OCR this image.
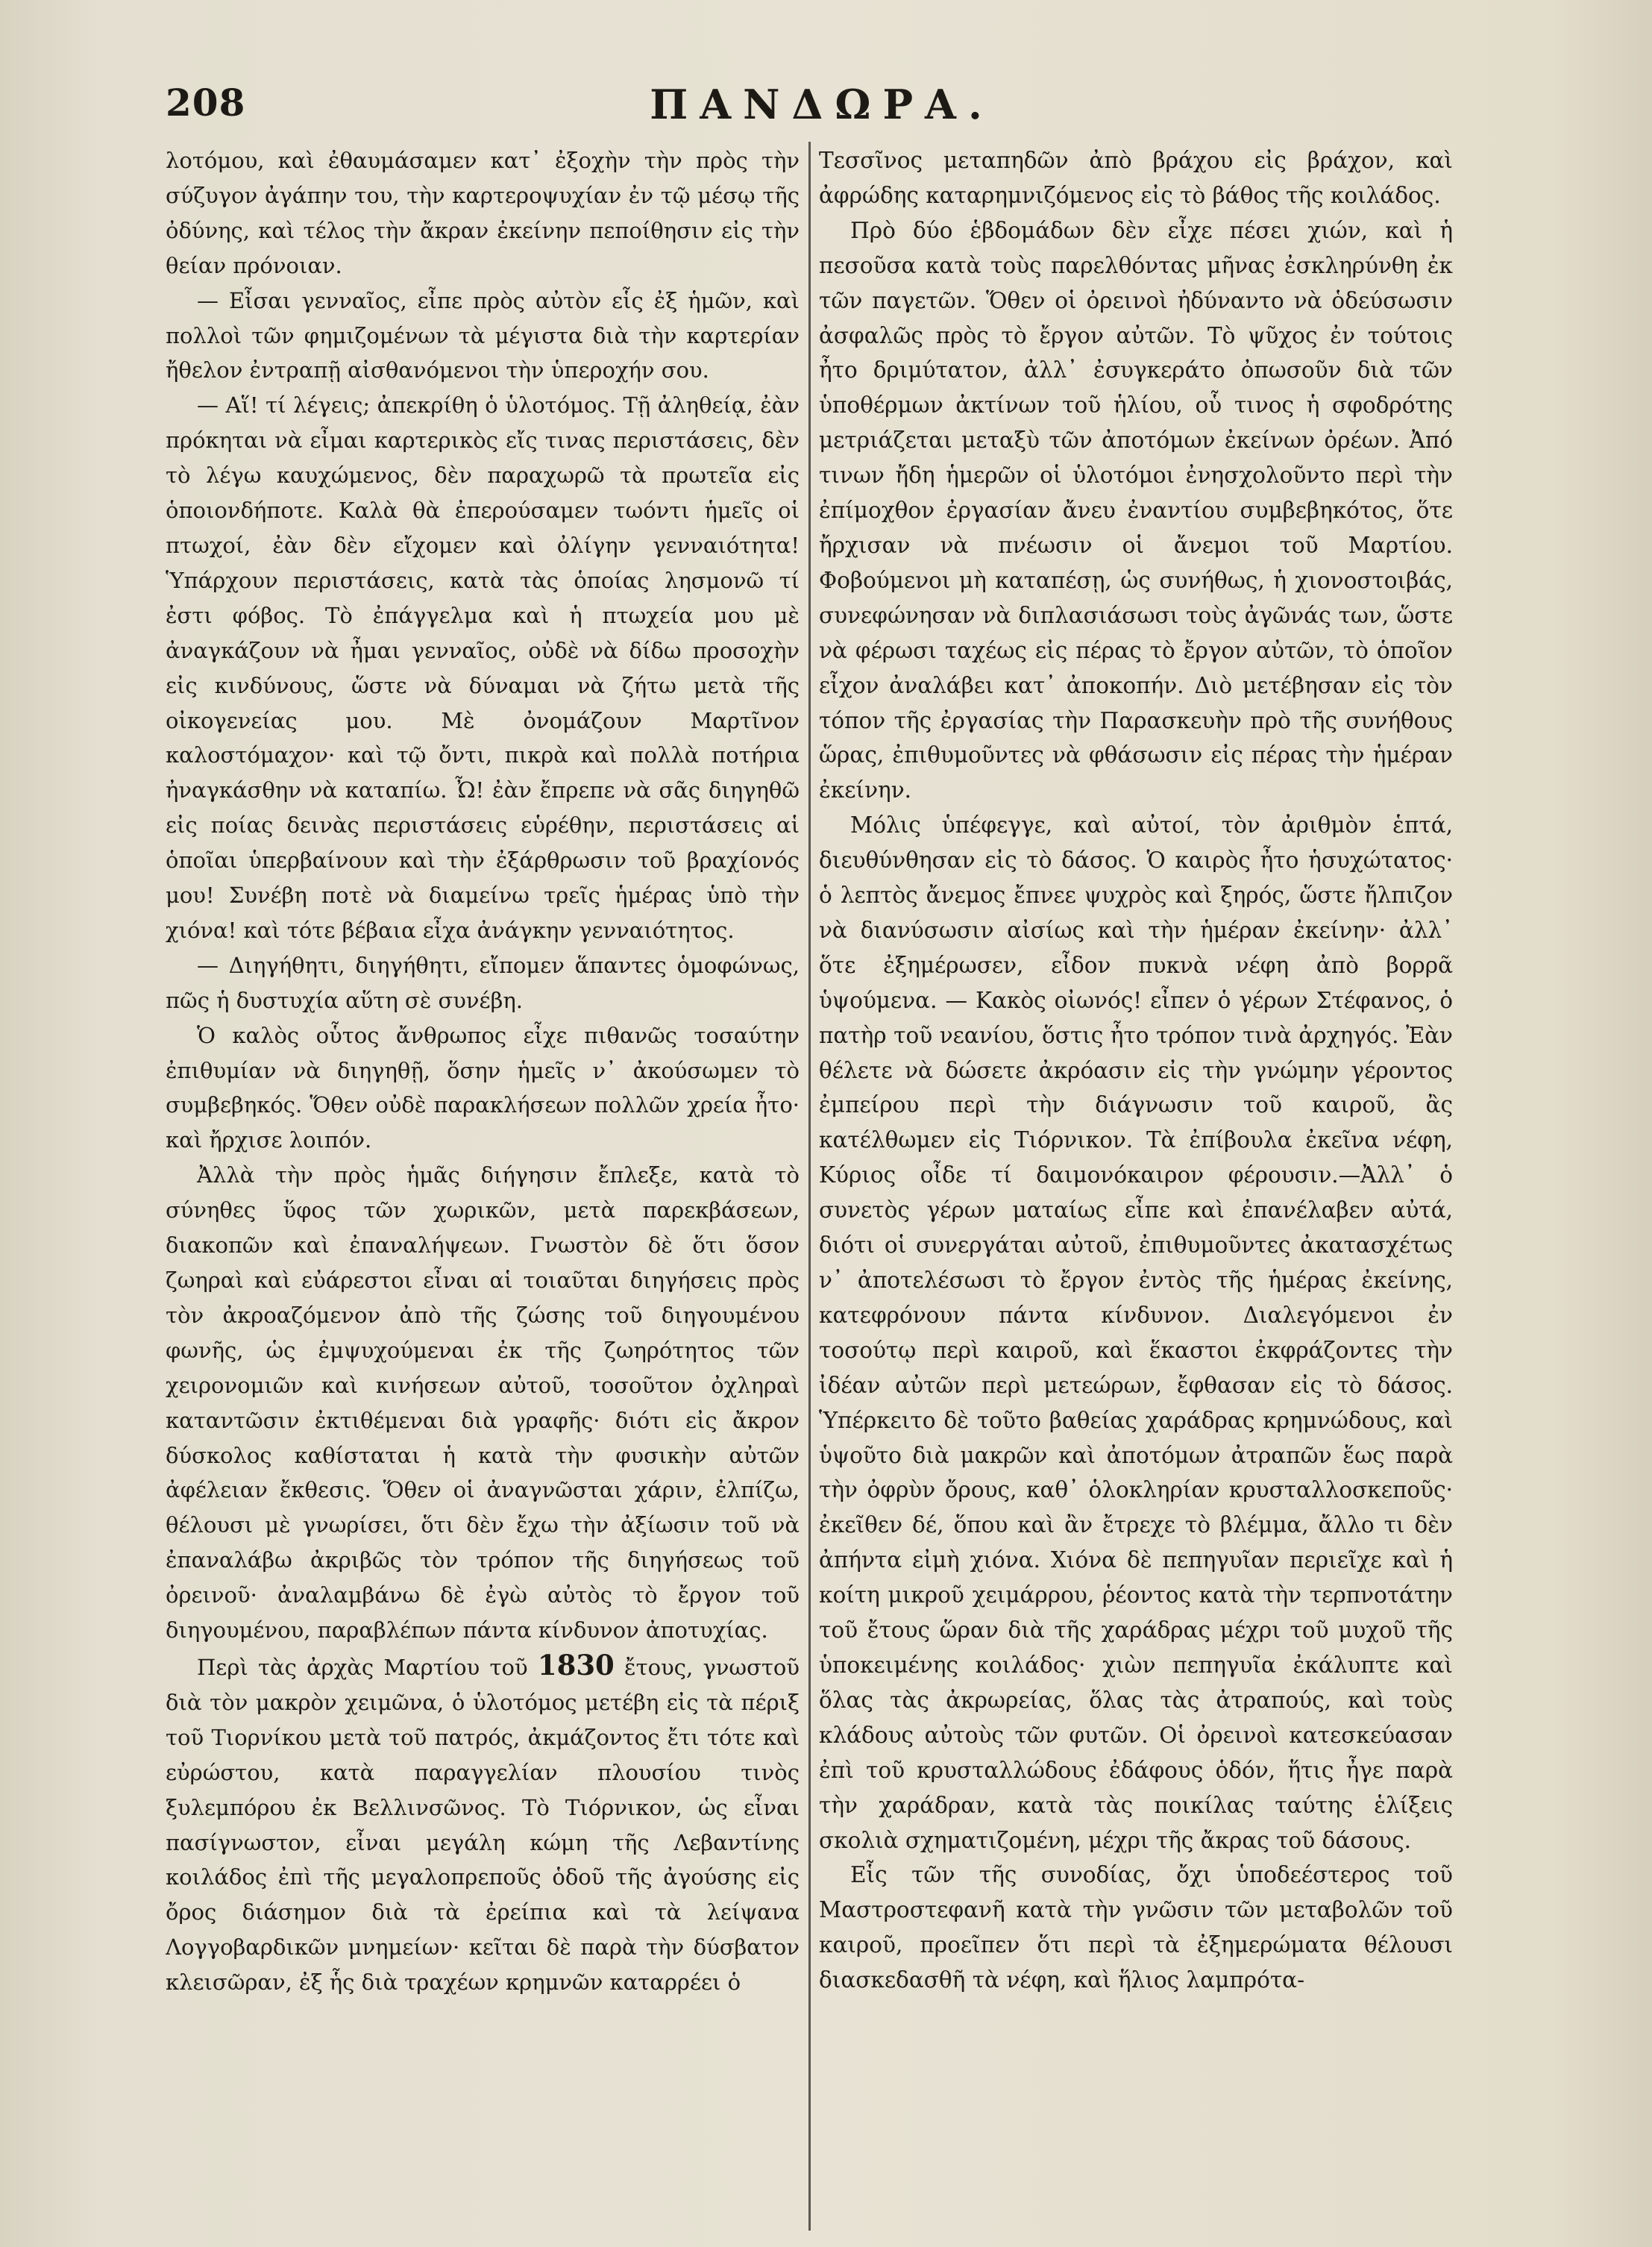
208	ΠΑΝΔΩΡΑ.

λοτόμου, καὶ ἐθαυμάσαμεν κατ᾿ ἐξοχὴν τὴν πρὸς τὴν σύζυγον ἀγάπην του, τὴν καρτεροψυχίαν ἐν τῷ μέσῳ τῆς ὀδύνης, καὶ τέλος τὴν ἄκραν ἐκείνην πεποίθησιν εἰς τὴν θείαν πρόνοιαν.

— Εἶσαι γενναῖος, εἶπε πρὸς αὐτὸν εἷς ἐξ ἡμῶν, καὶ πολλοὶ τῶν φημιζομένων τὰ μέγιστα διὰ τὴν καρτερίαν ἤθελον ἐντραπῇ αἰσθανόμενοι τὴν ὑπεροχήν σου.

— Αἵ! τί λέγεις; ἀπεκρίθη ὁ ὑλοτόμος. Τῇ ἀληθείᾳ, ἐὰν πρόκηται νὰ εἶμαι καρτερικὸς εἴς τινας περιστάσεις, δὲν τὸ λέγω καυχώμενος, δὲν παραχωρῶ τὰ πρωτεῖα εἰς ὁποιονδήποτε. Καλὰ θὰ ἐπερούσαμεν τωόντι ἡμεῖς οἱ πτωχοί, ἐὰν δὲν εἴχομεν καὶ ὀλίγην γενναιότητα! Ὑπάρχουν περιστάσεις, κατὰ τὰς ὁποίας λησμονῶ τί ἐστι φόβος. Τὸ ἐπάγγελμα καὶ ἡ πτωχεία μου μὲ ἀναγκάζουν νὰ ἦμαι γενναῖος, οὐδὲ νὰ δίδω προσοχὴν εἰς κινδύνους, ὥστε νὰ δύναμαι νὰ ζήτω μετὰ τῆς οἰκογενείας μου. Μὲ ὀνομάζουν Μαρτῖνον καλοστόμαχον· καὶ τῷ ὄντι, πικρὰ καὶ πολλὰ ποτήρια ἠναγκάσθην νὰ καταπίω. Ὦ! ἐὰν ἔπρεπε νὰ σᾶς διηγηθῶ εἰς ποίας δεινὰς περιστάσεις εὑρέθην, περιστάσεις αἱ ὁποῖαι ὑπερβαίνουν καὶ τὴν ἐξάρθρωσιν τοῦ βραχίονός μου! Συνέβη ποτὲ νὰ διαμείνω τρεῖς ἡμέρας ὑπὸ τὴν χιόνα! καὶ τότε βέβαια εἶχα ἀνάγκην γενναιότητος.

— Διηγήθητι, διηγήθητι, εἴπομεν ἅπαντες ὁμοφώνως, πῶς ἡ δυστυχία αὕτη σὲ συνέβη.

Ὁ καλὸς οὗτος ἄνθρωπος εἶχε πιθανῶς τοσαύτην ἐπιθυμίαν νὰ διηγηθῇ, ὅσην ἡμεῖς ν᾿ ἀκούσωμεν τὸ συμβεβηκός. Ὅθεν οὐδὲ παρακλήσεων πολλῶν χρεία ἦτο· καὶ ἤρχισε λοιπόν.

Ἀλλὰ τὴν πρὸς ἡμᾶς διήγησιν ἔπλεξε, κατὰ τὸ σύνηθες ὕφος τῶν χωρικῶν, μετὰ παρεκβάσεων, διακοπῶν καὶ ἐπαναλήψεων. Γνωστὸν δὲ ὅτι ὅσον ζωηραὶ καὶ εὐάρεστοι εἶναι αἱ τοιαῦται διηγήσεις πρὸς τὸν ἀκροαζόμενον ἀπὸ τῆς ζώσης τοῦ διηγουμένου φωνῆς, ὡς ἐμψυχούμεναι ἐκ τῆς ζωηρότητος τῶν χειρονομιῶν καὶ κινήσεων αὐτοῦ, τοσοῦτον ὀχληραὶ καταντῶσιν ἐκτιθέμεναι διὰ γραφῆς· διότι εἰς ἄκρον δύσκολος καθίσταται ἡ κατὰ τὴν φυσικὴν αὐτῶν ἀφέλειαν ἔκθεσις. Ὅθεν οἱ ἀναγνῶσται χάριν, ἐλπίζω, θέλουσι μὲ γνωρίσει, ὅτι δὲν ἔχω τὴν ἀξίωσιν τοῦ νὰ ἐπαναλάβω ἀκριβῶς τὸν τρόπον τῆς διηγήσεως τοῦ ὀρεινοῦ· ἀναλαμβάνω δὲ ἐγὼ αὐτὸς τὸ ἔργον τοῦ διηγουμένου, παραβλέπων πάντα κίνδυνον ἀποτυχίας.

Περὶ τὰς ἀρχὰς Μαρτίου τοῦ 1830 ἔτους, γνωστοῦ διὰ τὸν μακρὸν χειμῶνα, ὁ ὑλοτόμος μετέβη εἰς τὰ πέριξ τοῦ Τιορνίκου μετὰ τοῦ πατρός, ἀκμάζοντος ἔτι τότε καὶ εὐρώστου, κατὰ παραγγελίαν πλουσίου τινὸς ξυλεμπόρου ἐκ Βελλινσῶνος. Τὸ Τιόρνικον, ὡς εἶναι πασίγνωστον, εἶναι μεγάλη κώμη τῆς Λεβαντίνης κοιλάδος ἐπὶ τῆς μεγαλοπρεποῦς ὁδοῦ τῆς ἀγούσης εἰς ὄρος διάσημον διὰ τὰ ἐρείπια καὶ τὰ λείψανα Λογγοβαρδικῶν μνημείων· κεῖται δὲ παρὰ τὴν δύσβατον κλεισῶραν, ἐξ ἧς διὰ τραχέων κρημνῶν καταρρέει ὁ

Τεσσῖνος μεταπηδῶν ἀπὸ βράχου εἰς βράχον, καὶ ἀφρώδης καταρημνιζόμενος εἰς τὸ βάθος τῆς κοιλάδος.

Πρὸ δύο ἑβδομάδων δὲν εἶχε πέσει χιών, καὶ ἡ πεσοῦσα κατὰ τοὺς παρελθόντας μῆνας ἐσκληρύνθη ἐκ τῶν παγετῶν. Ὅθεν οἱ ὀρεινοὶ ἠδύναντο νὰ ὁδεύσωσιν ἀσφαλῶς πρὸς τὸ ἔργον αὐτῶν. Τὸ ψῦχος ἐν τούτοις ἦτο δριμύτατον, ἀλλ᾿ ἐσυγκεράτο ὀπωσοῦν διὰ τῶν ὑποθέρμων ἀκτίνων τοῦ ἡλίου, οὗ τινος ἡ σφοδρότης μετριάζεται μεταξὺ τῶν ἀποτόμων ἐκείνων ὀρέων. Ἀπό τινων ἤδη ἡμερῶν οἱ ὑλοτόμοι ἐνησχολοῦντο περὶ τὴν ἐπίμοχθον ἐργασίαν ἄνευ ἐναντίου συμβεβηκότος, ὅτε ἤρχισαν νὰ πνέωσιν οἱ ἄνεμοι τοῦ Μαρτίου. Φοβούμενοι μὴ καταπέσῃ, ὡς συνήθως, ἡ χιονοστοιβάς, συνεφώνησαν νὰ διπλασιάσωσι τοὺς ἀγῶνάς των, ὥστε νὰ φέρωσι ταχέως εἰς πέρας τὸ ἔργον αὐτῶν, τὸ ὁποῖον εἶχον ἀναλάβει κατ᾿ ἀποκοπήν. Διὸ μετέβησαν εἰς τὸν τόπον τῆς ἐργασίας τὴν Παρασκευὴν πρὸ τῆς συνήθους ὥρας, ἐπιθυμοῦντες νὰ φθάσωσιν εἰς πέρας τὴν ἡμέραν ἐκείνην.

Μόλις ὑπέφεγγε, καὶ αὐτοί, τὸν ἀριθμὸν ἑπτά, διευθύνθησαν εἰς τὸ δάσος. Ὁ καιρὸς ἦτο ἡσυχώτατος· ὁ λεπτὸς ἄνεμος ἔπνεε ψυχρὸς καὶ ξηρός, ὥστε ἤλπιζον νὰ διανύσωσιν αἰσίως καὶ τὴν ἡμέραν ἐκείνην· ἀλλ᾿ ὅτε ἐξημέρωσεν, εἶδον πυκνὰ νέφη ἀπὸ βορρᾶ ὑψούμενα. — Κακὸς οἰωνός! εἶπεν ὁ γέρων Στέφανος, ὁ πατὴρ τοῦ νεανίου, ὅστις ἦτο τρόπον τινὰ ἀρχηγός. Ἐὰν θέλετε νὰ δώσετε ἀκρόασιν εἰς τὴν γνώμην γέροντος ἐμπείρου περὶ τὴν διάγνωσιν τοῦ καιροῦ, ἂς κατέλθωμεν εἰς Τιόρνικον. Τὰ ἐπίβουλα ἐκεῖνα νέφη, Κύριος οἶδε τί δαιμονόκαιρον φέρουσιν.—Ἀλλ᾿ ὁ συνετὸς γέρων ματαίως εἶπε καὶ ἐπανέλαβεν αὐτά, διότι οἱ συνεργάται αὐτοῦ, ἐπιθυμοῦντες ἀκατασχέτως ν᾿ ἀποτελέσωσι τὸ ἔργον ἐντὸς τῆς ἡμέρας ἐκείνης, κατεφρόνουν πάντα κίνδυνον. Διαλεγόμενοι ἐν τοσούτῳ περὶ καιροῦ, καὶ ἕκαστοι ἐκφράζοντες τὴν ἰδέαν αὐτῶν περὶ μετεώρων, ἔφθασαν εἰς τὸ δάσος. Ὑπέρκειτο δὲ τοῦτο βαθείας χαράδρας κρημνώδους, καὶ ὑψοῦτο διὰ μακρῶν καὶ ἀποτόμων ἀτραπῶν ἕως παρὰ τὴν ὀφρὺν ὄρους, καθ᾿ ὁλοκληρίαν κρυσταλλοσκεποῦς· ἐκεῖθεν δέ, ὅπου καὶ ἂν ἔτρεχε τὸ βλέμμα, ἄλλο τι δὲν ἀπήντα εἰμὴ χιόνα. Χιόνα δὲ πεπηγυῖαν περιεῖχε καὶ ἡ κοίτη μικροῦ χειμάρρου, ῥέοντος κατὰ τὴν τερπνοτάτην τοῦ ἔτους ὥραν διὰ τῆς χαράδρας μέχρι τοῦ μυχοῦ τῆς ὑποκειμένης κοιλάδος· χιὼν πεπηγυῖα ἐκάλυπτε καὶ ὅλας τὰς ἀκρωρείας, ὅλας τὰς ἀτραπούς, καὶ τοὺς κλάδους αὐτοὺς τῶν φυτῶν. Οἱ ὀρεινοὶ κατεσκεύασαν ἐπὶ τοῦ κρυσταλλώδους ἐδάφους ὁδόν, ἥτις ἦγε παρὰ τὴν χαράδραν, κατὰ τὰς ποικίλας ταύτης ἑλίξεις σκολιὰ σχηματιζομένη, μέχρι τῆς ἄκρας τοῦ δάσους.

Εἷς τῶν τῆς συνοδίας, ὄχι ὑποδεέστερος τοῦ Μαστροστεφανῆ κατὰ τὴν γνῶσιν τῶν μεταβολῶν τοῦ καιροῦ, προεῖπεν ὅτι περὶ τὰ ἐξημερώματα θέλουσι διασκεδασθῆ τὰ νέφη, καὶ ἥλιος λαμπρότα-
